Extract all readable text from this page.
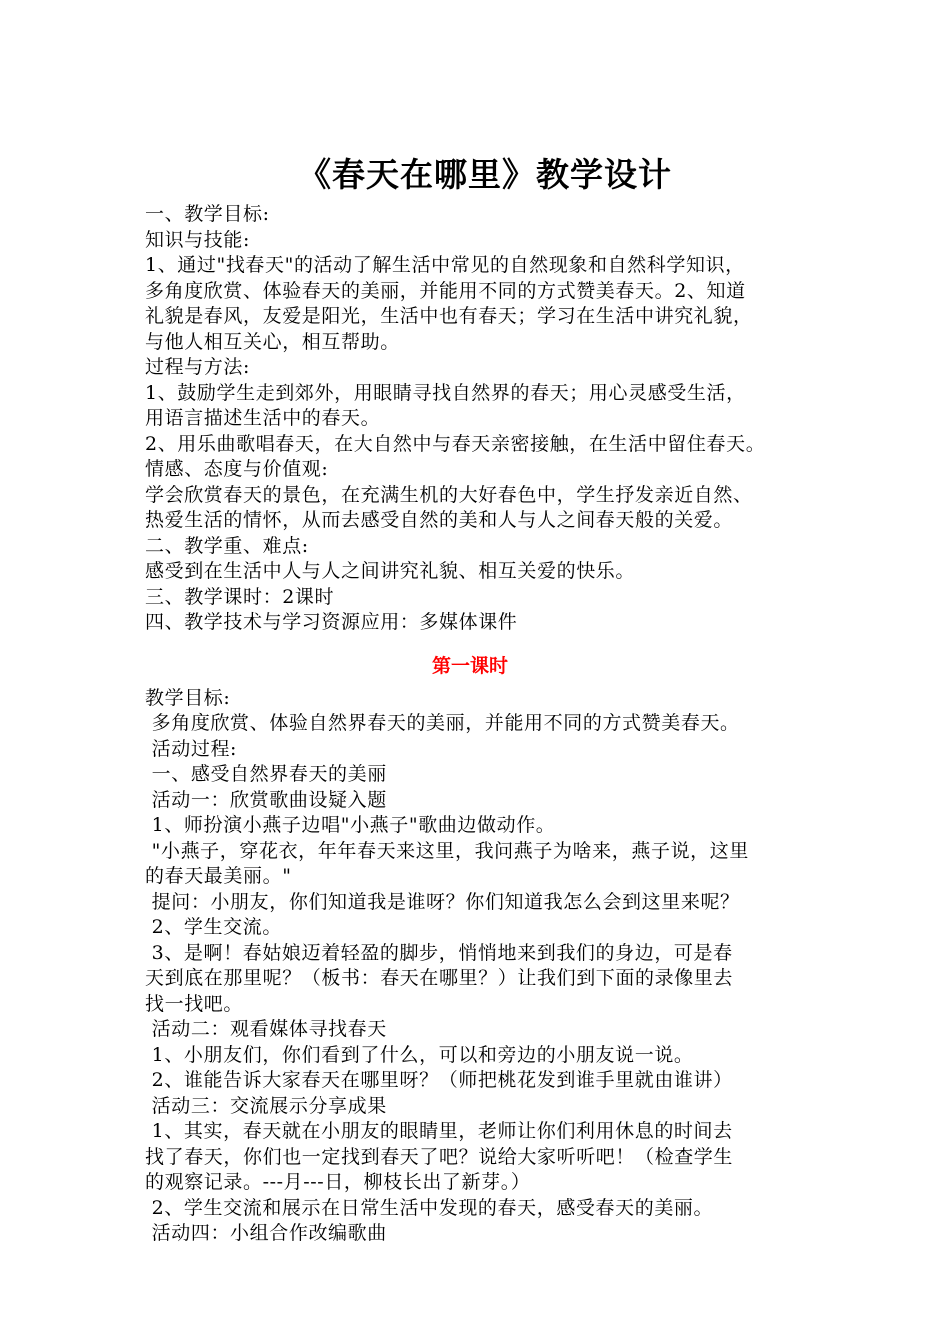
《春天在哪里》教学设计

一、教学目标:

知识与技能:

1、通过"找春天"的活动了解生活中常见的自然现象和自然科学知识，

多角度欣赏、体验春天的美丽，并能用不同的方式赞美春天。2、知道

礼貌是春风，友爱是阳光，生活中也有春天；学习在生活中讲究礼貌，

与他人相互关心，相互帮助。

过程与方法:

1、鼓励学生走到郊外，用眼睛寻找自然界的春天；用心灵感受生活，

用语言描述生活中的春天。

2、用乐曲歌唱春天，在大自然中与春天亲密接触，在生活中留住春天。

情感、态度与价值观:

学会欣赏春天的景色，在充满生机的大好春色中，学生抒发亲近自然、

热爱生活的情怀，从而去感受自然的美和人与人之间春天般的关爱。

二、教学重、难点:

感受到在生活中人与人之间讲究礼貌、相互关爱的快乐。

三、教学课时：2课时

四、教学技术与学习资源应用：多媒体课件

第一课时

教学目标:

多角度欣赏、体验自然界春天的美丽，并能用不同的方式赞美春天。

活动过程:

一、感受自然界春天的美丽

活动一：欣赏歌曲设疑入题

1、师扮演小燕子边唱"小燕子"歌曲边做动作。

"小燕子，穿花衣，年年春天来这里，我问燕子为啥来，燕子说，这里

的春天最美丽。"

提问：小朋友，你们知道我是谁呀？你们知道我怎么会到这里来呢？

2、学生交流。

3、是啊！春姑娘迈着轻盈的脚步，悄悄地来到我们的身边，可是春

天到底在那里呢？（板书：春天在哪里？）让我们到下面的录像里去

找一找吧。

活动二：观看媒体寻找春天

1、小朋友们，你们看到了什么，可以和旁边的小朋友说一说。

2、谁能告诉大家春天在哪里呀？（师把桃花发到谁手里就由谁讲）

活动三：交流展示分享成果

1、其实，春天就在小朋友的眼睛里，老师让你们利用休息的时间去

找了春天，你们也一定找到春天了吧？说给大家听听吧！（检查学生

的观察记录。---月---日，柳枝长出了新芽。）

2、学生交流和展示在日常生活中发现的春天，感受春天的美丽。

活动四：小组合作改编歌曲
